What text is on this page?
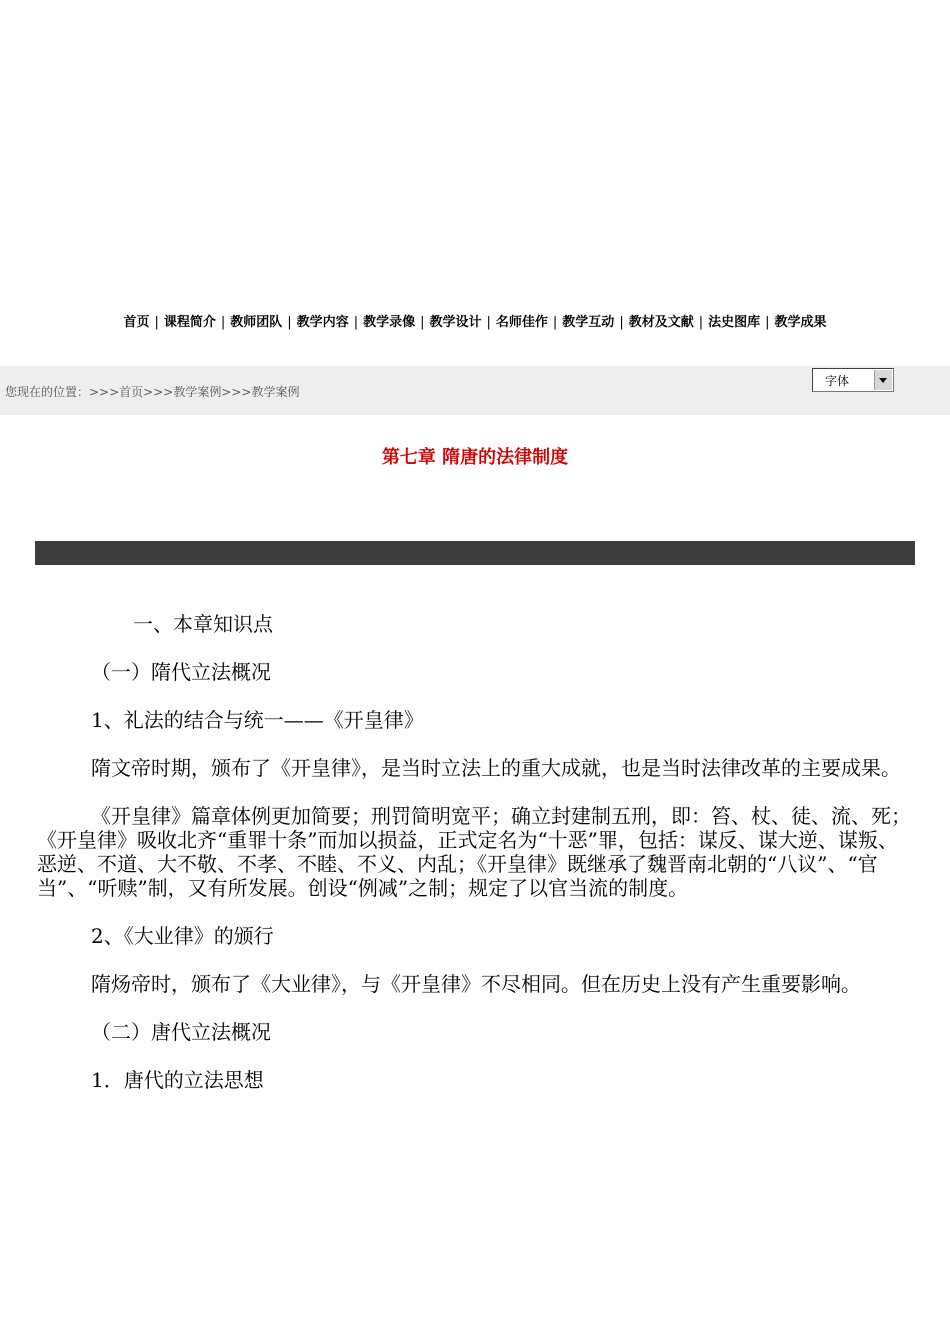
首页 | 课程简介 | 教师团队 | 教学内容 | 教学录像 | 教学设计 | 名师佳作 | 教学互动 | 教材及文献 | 法史图库 | 教学成果
您现在的位置：>>>首页>>>教学案例>>>教学案例
字体
第七章 隋唐的法律制度

一、本章知识点

（一）隋代立法概况

1、礼法的结合与统一——《开皇律》

隋文帝时期，颁布了《开皇律》，是当时立法上的重大成就，也是当时法律改革的主要成果。

《开皇律》篇章体例更加简要；刑罚简明宽平；确立封建制五刑，即：笞、杖、徒、流、死；《开皇律》吸收北齐“重罪十条”而加以损益，正式定名为“十恶”罪，包括：谋反、谋大逆、谋叛、恶逆、不道、大不敬、不孝、不睦、不义、内乱；《开皇律》既继承了魏晋南北朝的“八议”、“官当”、“听赎”制，又有所发展。创设“例减”之制；规定了以官当流的制度。

2、《大业律》的颁行

隋炀帝时，颁布了《大业律》，与《开皇律》不尽相同。但在历史上没有产生重要影响。

（二）唐代立法概况

1．唐代的立法思想
